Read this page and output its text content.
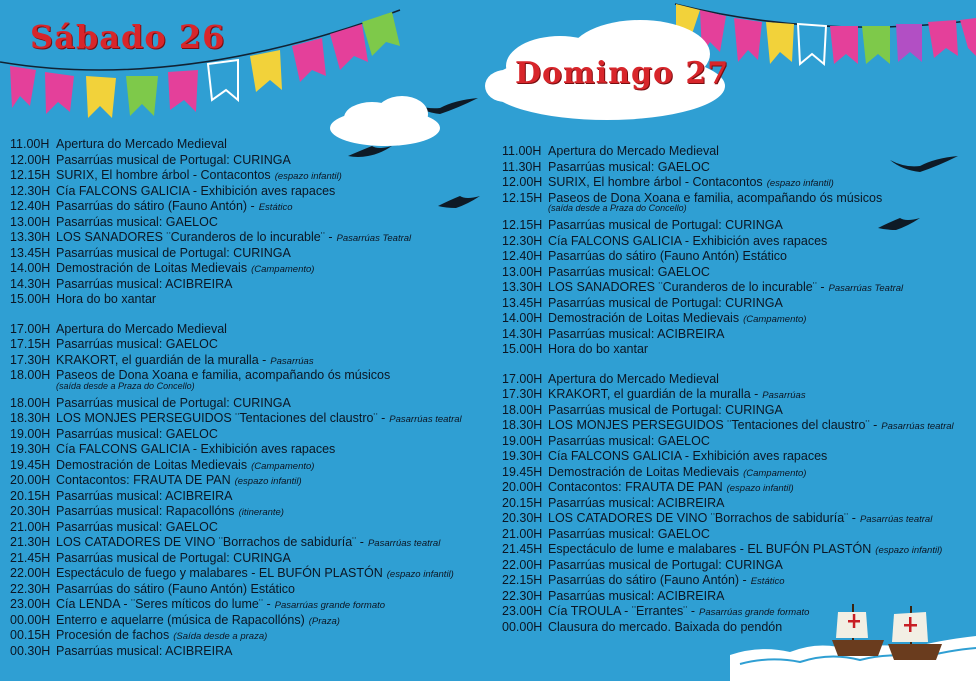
Sábado 26
Domingo 27
11.00H Apertura do Mercado Medieval
12.00H Pasarrúas musical de Portugal: CURINGA
12.15H SURIX, El hombre árbol - Contacontos (espazo infantil)
12.30H Cía FALCONS GALICIA - Exhibición aves rapaces
12.40H Pasarrúas do sátiro (Fauno Antón) - Estático
13.00H Pasarrúas musical: GAELOC
13.30H LOS SANADORES ¨Curanderos de lo incurable¨ - Pasarrúas Teatral
13.45H Pasarrúas musical de Portugal: CURINGA
14.00H Demostración de Loitas Medievais (Campamento)
14.30H Pasarrúas musical: ACIBREIRA
15.00H Hora do bo xantar
17.00H Apertura do Mercado Medieval
17.15H Pasarrúas musical: GAELOC
17.30H KRAKORT, el guardián de la muralla - Pasarrúas
18.00H Paseos de Dona Xoana e familia, acompañando ós músicos
(saída desde a Praza do Concello)
18.00H Pasarrúas musical de Portugal: CURINGA
18.30H LOS MONJES PERSEGUIDOS ¨Tentaciones del claustro¨ - Pasarrúas teatral
19.00H Pasarrúas musical: GAELOC
19.30H Cía FALCONS GALICIA - Exhibición aves rapaces
19.45H Demostración de Loitas Medievais (Campamento)
20.00H Contacontos: FRAUTA DE PAN (espazo infantil)
20.15H Pasarrúas musical: ACIBREIRA
20.30H Pasarrúas musical: Rapacollóns (itinerante)
21.00H Pasarrúas musical: GAELOC
21.30H LOS CATADORES DE VINO ¨Borrachos de sabiduría¨ - Pasarrúas teatral
21.45H Pasarrúas musical de Portugal: CURINGA
22.00H Espectáculo de fuego y malabares - EL BUFÓN PLASTÓN (espazo infantil)
22.30H Pasarrúas do sátiro (Fauno Antón) Estático
23.00H Cía LENDA - ¨Seres míticos do lume¨ - Pasarrúas grande formato
00.00H Enterro e aquelarre (música de Rapacollóns) (Praza)
00.15H Procesión de fachos (Saída desde a praza)
00.30H Pasarrúas musical: ACIBREIRA
11.00H Apertura do Mercado Medieval
11.30H Pasarrúas musical: GAELOC
12.00H SURIX, El hombre árbol - Contacontos (espazo infantil)
12.15H Paseos de Dona Xoana e familia, acompañando ós músicos
(saída desde a Praza do Concello)
12.15H Pasarrúas musical de Portugal: CURINGA
12.30H Cía FALCONS GALICIA - Exhibición aves rapaces
12.40H Pasarrúas do sátiro (Fauno Antón) Estático
13.00H Pasarrúas musical: GAELOC
13.30H LOS SANADORES ¨Curanderos de lo incurable¨ - Pasarrúas Teatral
13.45H Pasarrúas musical de Portugal: CURINGA
14.00H Demostración de Loitas Medievais (Campamento)
14.30H Pasarrúas musical: ACIBREIRA
15.00H Hora do bo xantar
17.00H Apertura do Mercado Medieval
17.30H KRAKORT, el guardián de la muralla - Pasarrúas
18.00H Pasarrúas musical de Portugal: CURINGA
18.30H LOS MONJES PERSEGUIDOS ¨Tentaciones del claustro¨ - Pasarrúas teatral
19.00H Pasarrúas musical: GAELOC
19.30H Cía FALCONS GALICIA - Exhibición aves rapaces
19.45H Demostración de Loitas Medievais (Campamento)
20.00H Contacontos: FRAUTA DE PAN (espazo infantil)
20.15H Pasarrúas musical: ACIBREIRA
20.30H LOS CATADORES DE VINO ¨Borrachos de sabiduría¨ - Pasarrúas teatral
21.00H Pasarrúas musical: GAELOC
21.45H Espectáculo de lume e malabares - EL BUFÓN PLASTÓN (espazo infantil)
22.00H Pasarrúas musical de Portugal: CURINGA
22.15H Pasarrúas do sátiro (Fauno Antón) - Estático
22.30H Pasarrúas musical: ACIBREIRA
23.00H Cía TROULA - ¨Errantes¨ - Pasarrúas grande formato
00.00H Clausura do mercado. Baixada do pendón
